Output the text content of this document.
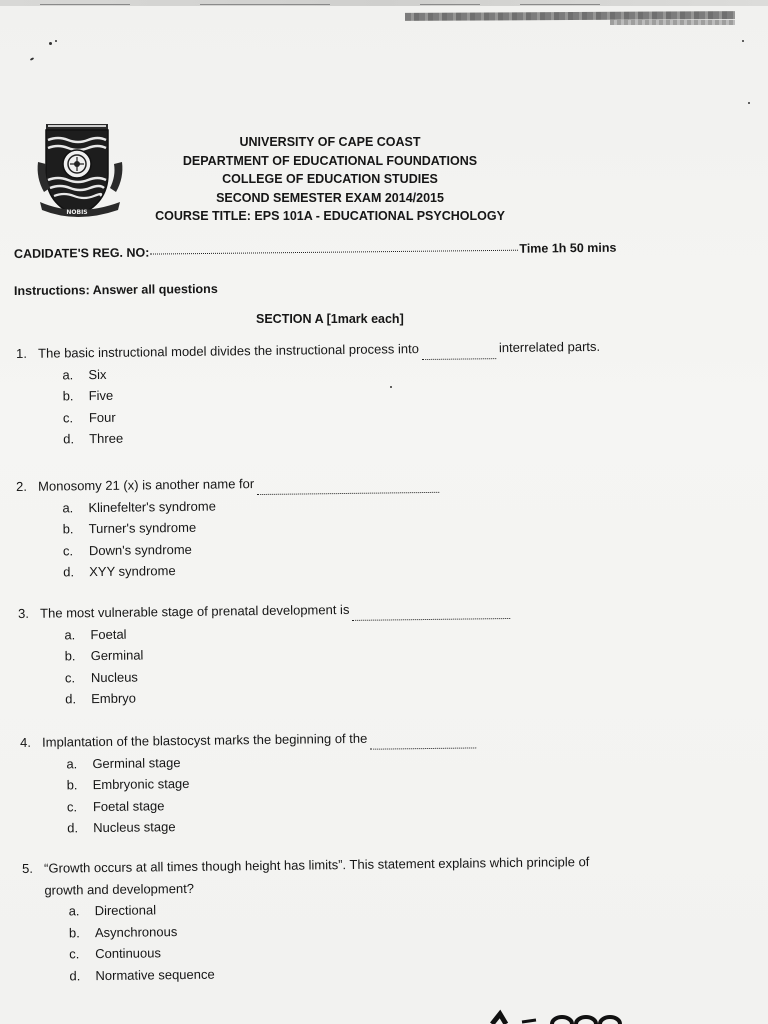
NOBIS
UNIVERSITY OF CAPE COAST
DEPARTMENT OF EDUCATIONAL FOUNDATIONS
COLLEGE OF EDUCATION STUDIES
SECOND SEMESTER EXAM 2014/2015
COURSE TITLE: EPS 101A - EDUCATIONAL PSYCHOLOGY
CADIDATE'S REG. NO:	Time 1h 50 mins
Instructions: Answer all questions
SECTION A [1mark each]
1. The basic instructional model divides the instructional process into	interrelated parts.
a.	Six
b.	Five
c.	Four
d.	Three
2. Monosomy 21 (x) is another name for
a.	Klinefelter's syndrome
b.	Turner's syndrome
c.	Down's syndrome
d.	XYY syndrome
3. The most vulnerable stage of prenatal development is
a.	Foetal
b.	Germinal
c.	Nucleus
d.	Embryo
4. Implantation of the blastocyst marks the beginning of the
a.	Germinal stage
b.	Embryonic stage
c.	Foetal stage
d.	Nucleus stage
5. “Growth occurs at all times though height has limits”. This statement explains which principle of
growth and development?
a.	Directional
b.	Asynchronous
c.	Continuous
d.	Normative sequence
